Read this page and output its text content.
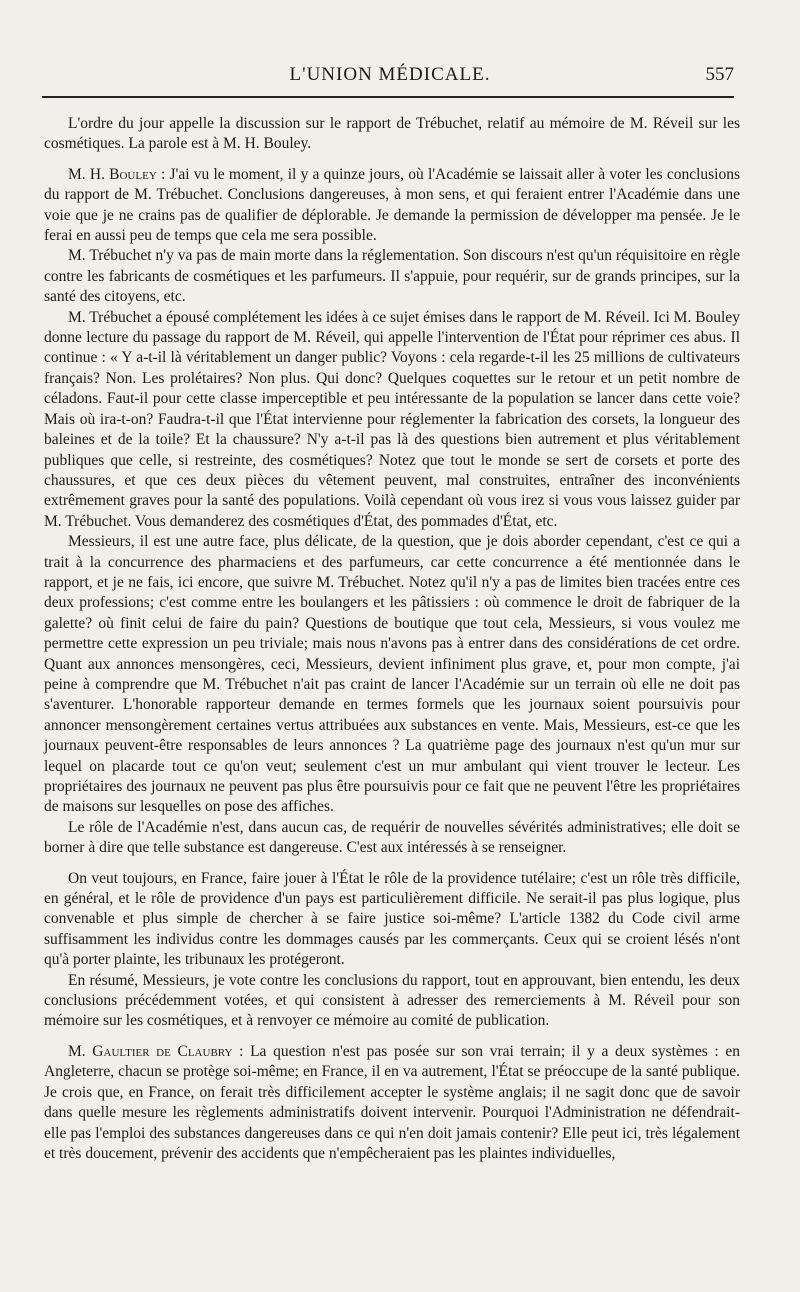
L'UNION MÉDICALE.	557

L'ordre du jour appelle la discussion sur le rapport de Trébuchet, relatif au mémoire de M. Réveil sur les cosmétiques. La parole est à M. H. Bouley.

M. H. Bouley : J'ai vu le moment, il y a quinze jours, où l'Académie se laissait aller à voter les conclusions du rapport de M. Trébuchet. Conclusions dangereuses, à mon sens, et qui feraient entrer l'Académie dans une voie que je ne crains pas de qualifier de déplorable. Je demande la permission de développer ma pensée. Je le ferai en aussi peu de temps que cela me sera possible.

M. Trébuchet n'y va pas de main morte dans la réglementation. Son discours n'est qu'un réquisitoire en règle contre les fabricants de cosmétiques et les parfumeurs. Il s'appuie, pour requérir, sur de grands principes, sur la santé des citoyens, etc.

M. Trébuchet a épousé complétement les idées à ce sujet émises dans le rapport de M. Réveil. Ici M. Bouley donne lecture du passage du rapport de M. Réveil, qui appelle l'intervention de l'État pour réprimer ces abus. Il continue : « Y a-t-il là véritablement un danger public? Voyons : cela regarde-t-il les 25 millions de cultivateurs français? Non. Les prolétaires? Non plus. Qui donc? Quelques coquettes sur le retour et un petit nombre de céladons. Faut-il pour cette classe imperceptible et peu intéressante de la population se lancer dans cette voie? Mais où ira-t-on? Faudra-t-il que l'État intervienne pour réglementer la fabrication des corsets, la longueur des baleines et de la toile? Et la chaussure? N'y a-t-il pas là des questions bien autrement et plus véritablement publiques que celle, si restreinte, des cosmétiques? Notez que tout le monde se sert de corsets et porte des chaussures, et que ces deux pièces du vêtement peuvent, mal construites, entraîner des inconvénients extrêmement graves pour la santé des populations. Voilà cependant où vous irez si vous vous laissez guider par M. Trébuchet. Vous demanderez des cosmétiques d'État, des pommades d'État, etc.

Messieurs, il est une autre face, plus délicate, de la question, que je dois aborder cependant, c'est ce qui a trait à la concurrence des pharmaciens et des parfumeurs, car cette concurrence a été mentionnée dans le rapport, et je ne fais, ici encore, que suivre M. Trébuchet. Notez qu'il n'y a pas de limites bien tracées entre ces deux professions; c'est comme entre les boulangers et les pâtissiers : où commence le droit de fabriquer de la galette? où finit celui de faire du pain? Questions de boutique que tout cela, Messieurs, si vous voulez me permettre cette expression un peu triviale; mais nous n'avons pas à entrer dans des considérations de cet ordre. Quant aux annonces mensongères, ceci, Messieurs, devient infiniment plus grave, et, pour mon compte, j'ai peine à comprendre que M. Trébuchet n'ait pas craint de lancer l'Académie sur un terrain où elle ne doit pas s'aventurer. L'honorable rapporteur demande en termes formels que les journaux soient poursuivis pour annoncer mensongèrement certaines vertus attribuées aux substances en vente. Mais, Messieurs, est-ce que les journaux peuvent-être responsables de leurs annonces ? La quatrième page des journaux n'est qu'un mur sur lequel on placarde tout ce qu'on veut; seulement c'est un mur ambulant qui vient trouver le lecteur. Les propriétaires des journaux ne peuvent pas plus être poursuivis pour ce fait que ne peuvent l'être les propriétaires de maisons sur lesquelles on pose des affiches.

Le rôle de l'Académie n'est, dans aucun cas, de requérir de nouvelles sévérités administratives; elle doit se borner à dire que telle substance est dangereuse. C'est aux intéressés à se renseigner.

On veut toujours, en France, faire jouer à l'État le rôle de la providence tutélaire; c'est un rôle très difficile, en général, et le rôle de providence d'un pays est particulièrement difficile. Ne serait-il pas plus logique, plus convenable et plus simple de chercher à se faire justice soi-même? L'article 1382 du Code civil arme suffisamment les individus contre les dommages causés par les commerçants. Ceux qui se croient lésés n'ont qu'à porter plainte, les tribunaux les protégeront.

En résumé, Messieurs, je vote contre les conclusions du rapport, tout en approuvant, bien entendu, les deux conclusions précédemment votées, et qui consistent à adresser des remerciements à M. Réveil pour son mémoire sur les cosmétiques, et à renvoyer ce mémoire au comité de publication.

M. Gaultier de Claubry : La question n'est pas posée sur son vrai terrain; il y a deux systèmes : en Angleterre, chacun se protège soi-même; en France, il en va autrement, l'État se préoccupe de la santé publique. Je crois que, en France, on ferait très difficilement accepter le système anglais; il ne sagit donc que de savoir dans quelle mesure les règlements administratifs doivent intervenir. Pourquoi l'Administration ne défendrait-elle pas l'emploi des substances dangereuses dans ce qui n'en doit jamais contenir? Elle peut ici, très légalement et très doucement, prévenir des accidents que n'empêcheraient pas les plaintes individuelles,
